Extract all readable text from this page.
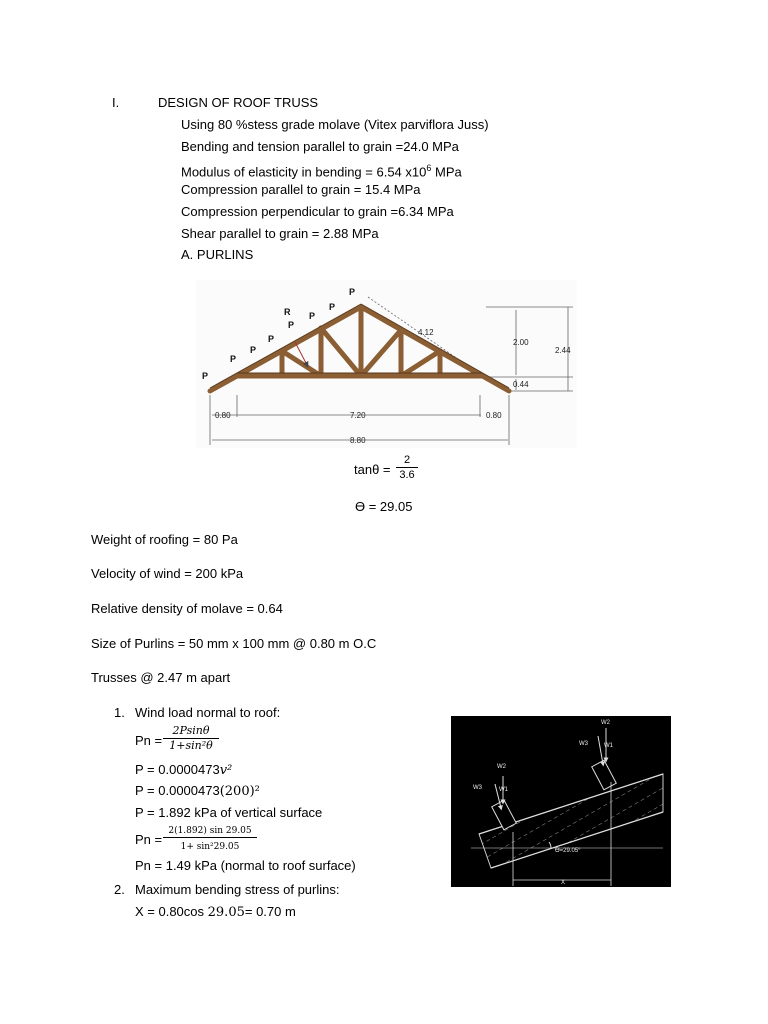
I.	DESIGN OF ROOF TRUSS
Using 80 %stess grade molave (Vitex parviflora Juss)
Bending and tension parallel to grain =24.0 MPa
Modulus of elasticity in bending = 6.54 $x10^6$ MPa
Compression parallel to grain = 15.4 MPa
Compression perpendicular to grain =6.34 MPa
Shear parallel to grain = 2.88 MPa
A. PURLINS
P
P
P
P
P
R P
P
P
0.80	7.20	0.80
8.80
4.12
2.00
2.44
0.44
$\tan\theta = \frac{2}{3.6}$
ϴ = 29.05
Weight of roofing = 80 Pa
Velocity of wind = 200 kPa
Relative density of molave = 0.64
Size of Purlins = 50 mm x 100 mm @ 0.80 m O.C
Trusses @ 2.47 m apart
1. Wind load normal to roof:
$Pn = \frac{2Psin\theta}{\text{1+sin²θ}}$
P = 0.0000473v²
P = 0.0000473(200)²
P = 1.892 kPa of vertical surface
$Pn = \frac{2(1.892) \sin 29.05}{\text{1+ sin²29.05}}$
Pn = 1.49 kPa (normal to roof surface)
2. Maximum bending stress of purlins:
X = 0.80cos 29.05= 0.70 m
W2
W3	W1
W2
W3	W1
ϴ=29.05°
X
